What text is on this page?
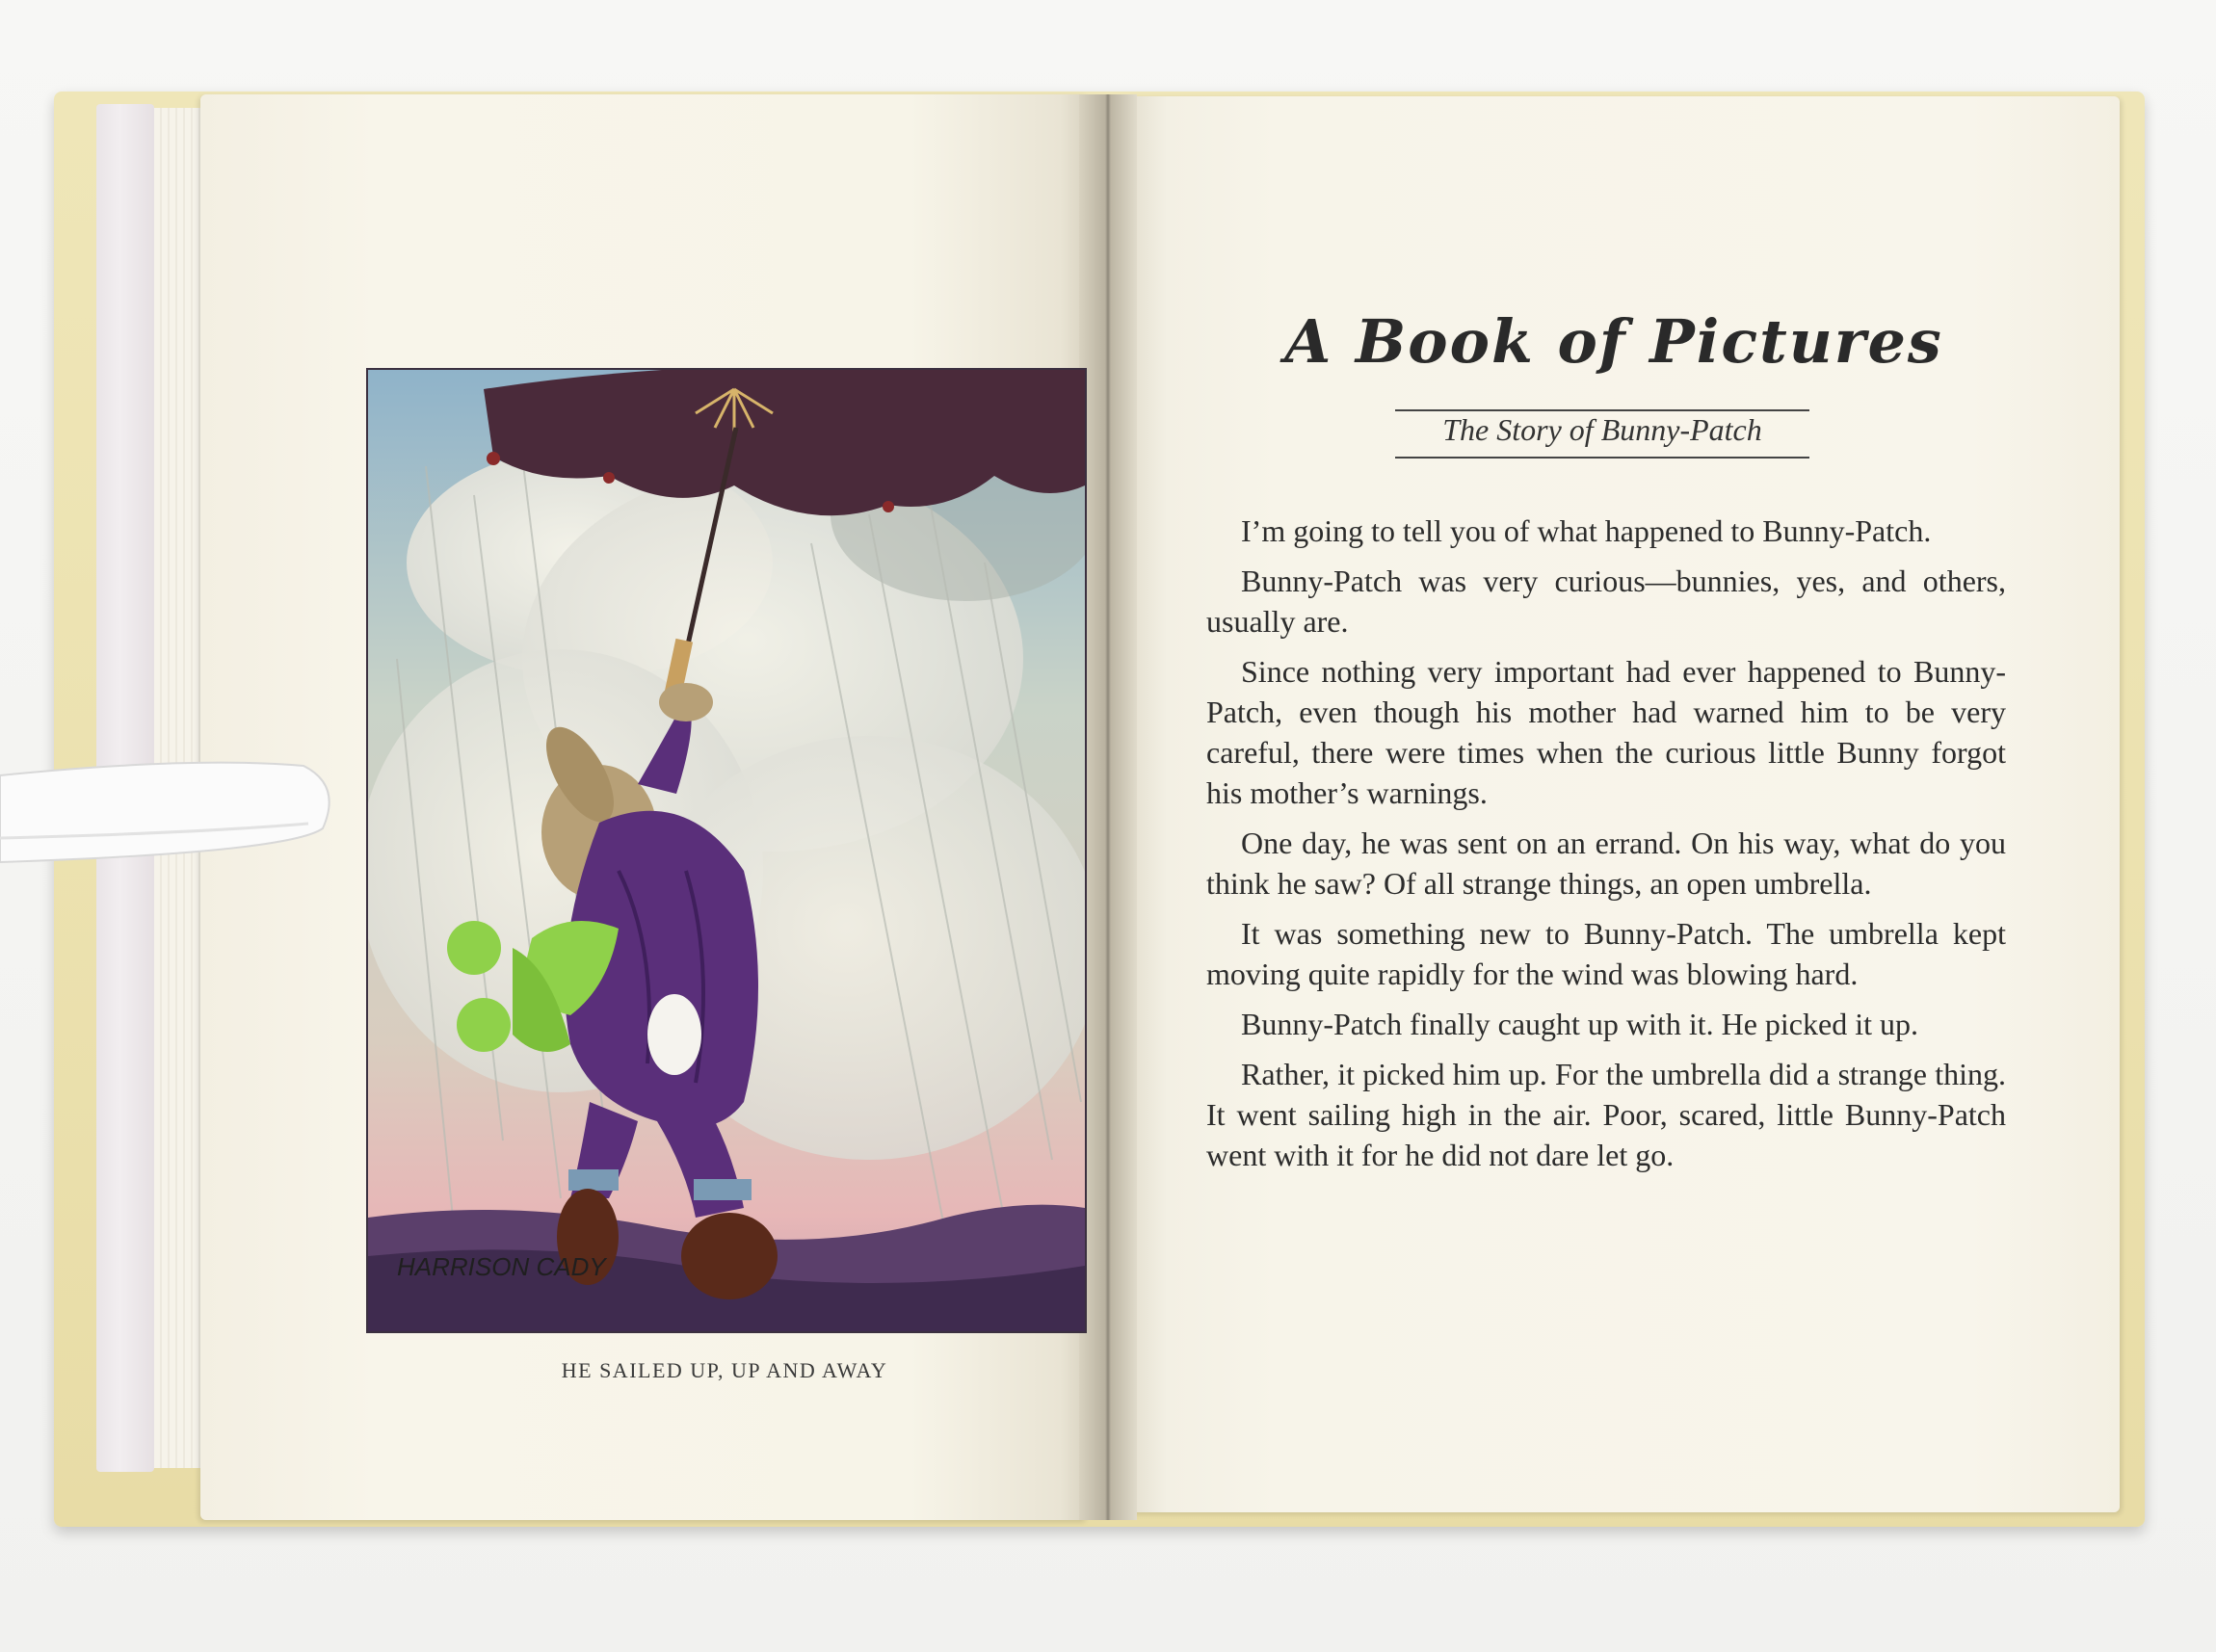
HARRISON CADY
HE SAILED UP, UP AND AWAY
A Book of Pictures
The Story of Bunny-Patch

I’m going to tell you of what happened to Bunny-Patch.

Bunny-Patch was very curious—bunnies, yes, and others, usually are.

Since nothing very important had ever happened to Bunny-Patch, even though his mother had warned him to be very careful, there were times when the curious little Bunny forgot his mother’s warnings.

One day, he was sent on an errand. On his way, what do you think he saw? Of all strange things, an open umbrella.

It was something new to Bunny-Patch. The umbrella kept moving quite rapidly for the wind was blowing hard.

Bunny-Patch finally caught up with it. He picked it up.

Rather, it picked him up. For the umbrella did a strange thing. It went sailing high in the air. Poor, scared, little Bunny-Patch went with it for he did not dare let go.
